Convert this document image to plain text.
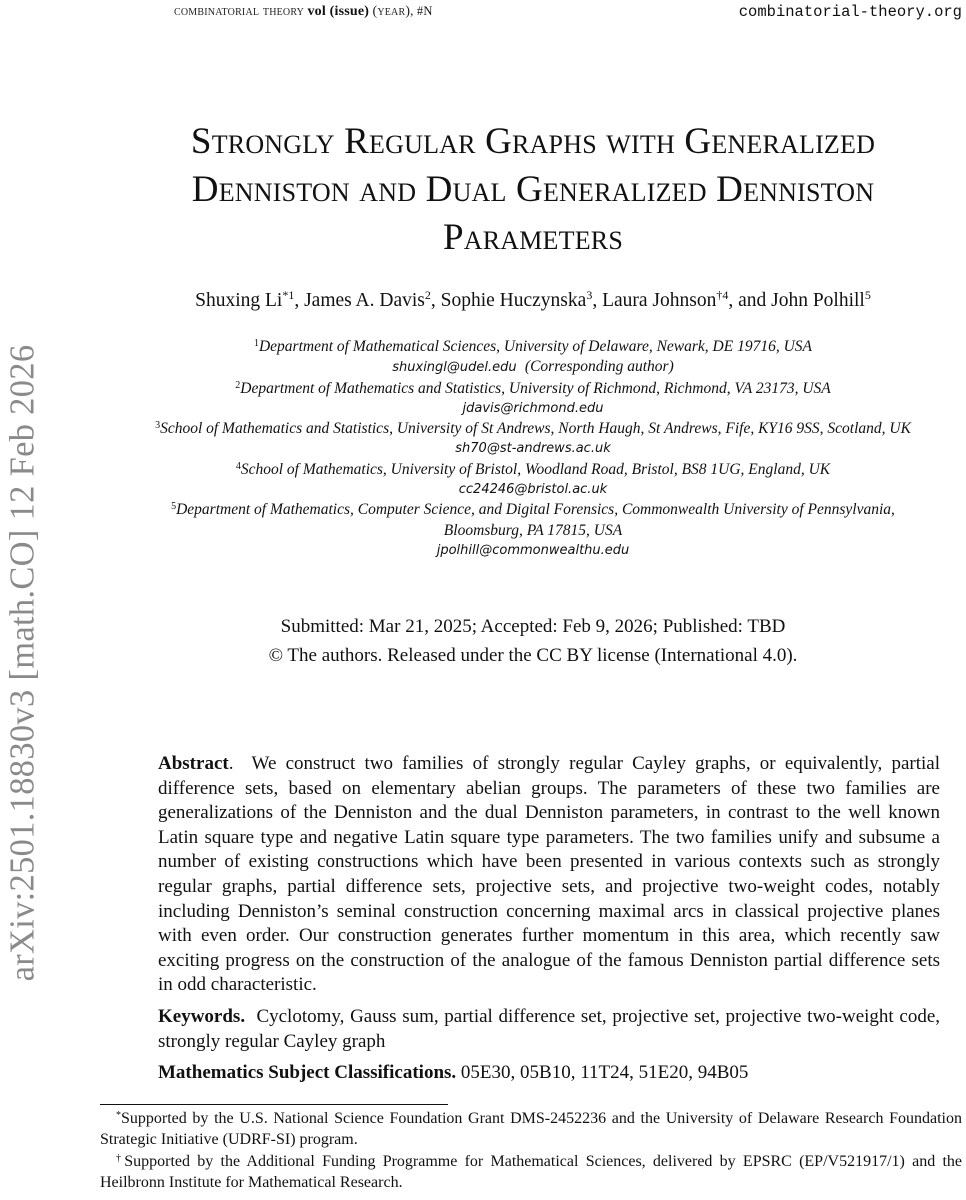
combinatorial theory vol (issue) (year), #N	combinatorial-theory.org
arXiv:2501.18830v3 [math.CO] 12 Feb 2026
Strongly Regular Graphs with Generalized
Denniston and Dual Generalized Denniston
Parameters
Shuxing Li$^{*1}$, James A. Davis$^2$, Sophie Huczynska$^3$, Laura Johnson$^{\dagger 4}$, and John Polhill$^5$
$^1$Department of Mathematical Sciences, University of Delaware, Newark, DE 19716, USA
shuxingl@udel.edu (Corresponding author)
$^2$Department of Mathematics and Statistics, University of Richmond, Richmond, VA 23173, USA
jdavis@richmond.edu
$^3$School of Mathematics and Statistics, University of St Andrews, North Haugh, St Andrews, Fife, KY16 9SS, Scotland, UK
sh70@st-andrews.ac.uk
$^4$School of Mathematics, University of Bristol, Woodland Road, Bristol, BS8 1UG, England, UK
cc24246@bristol.ac.uk
$^5$Department of Mathematics, Computer Science, and Digital Forensics, Commonwealth University of Pennsylvania,
Bloomsburg, PA 17815, USA
jpolhill@commonwealthu.edu
Submitted: Mar 21, 2025; Accepted: Feb 9, 2026; Published: TBD
© The authors. Released under the CC BY license (International 4.0).

Abstract. We construct two families of strongly regular Cayley graphs, or equivalently, partial difference sets, based on elementary abelian groups. The parameters of these two families are generalizations of the Denniston and the dual Denniston parameters, in contrast to the well known Latin square type and negative Latin square type parameters. The two families unify and subsume a number of existing constructions which have been presented in various contexts such as strongly regular graphs, partial difference sets, projective sets, and projective two-weight codes, notably including Denniston’s seminal construction concerning maximal arcs in classical projective planes with even order. Our construction generates further momentum in this area, which recently saw exciting progress on the construction of the analogue of the famous Denniston partial difference sets in odd characteristic.

Keywords. Cyclotomy, Gauss sum, partial difference set, projective set, projective two-weight code, strongly regular Cayley graph

Mathematics Subject Classifications. 05E30, 05B10, 11T24, 51E20, 94B05

*Supported by the U.S. National Science Foundation Grant DMS-2452236 and the University of Delaware Research Foundation Strategic Initiative (UDRF-SI) program.

†Supported by the Additional Funding Programme for Mathematical Sciences, delivered by EPSRC (EP/V521917/1) and the Heilbronn Institute for Mathematical Research.
